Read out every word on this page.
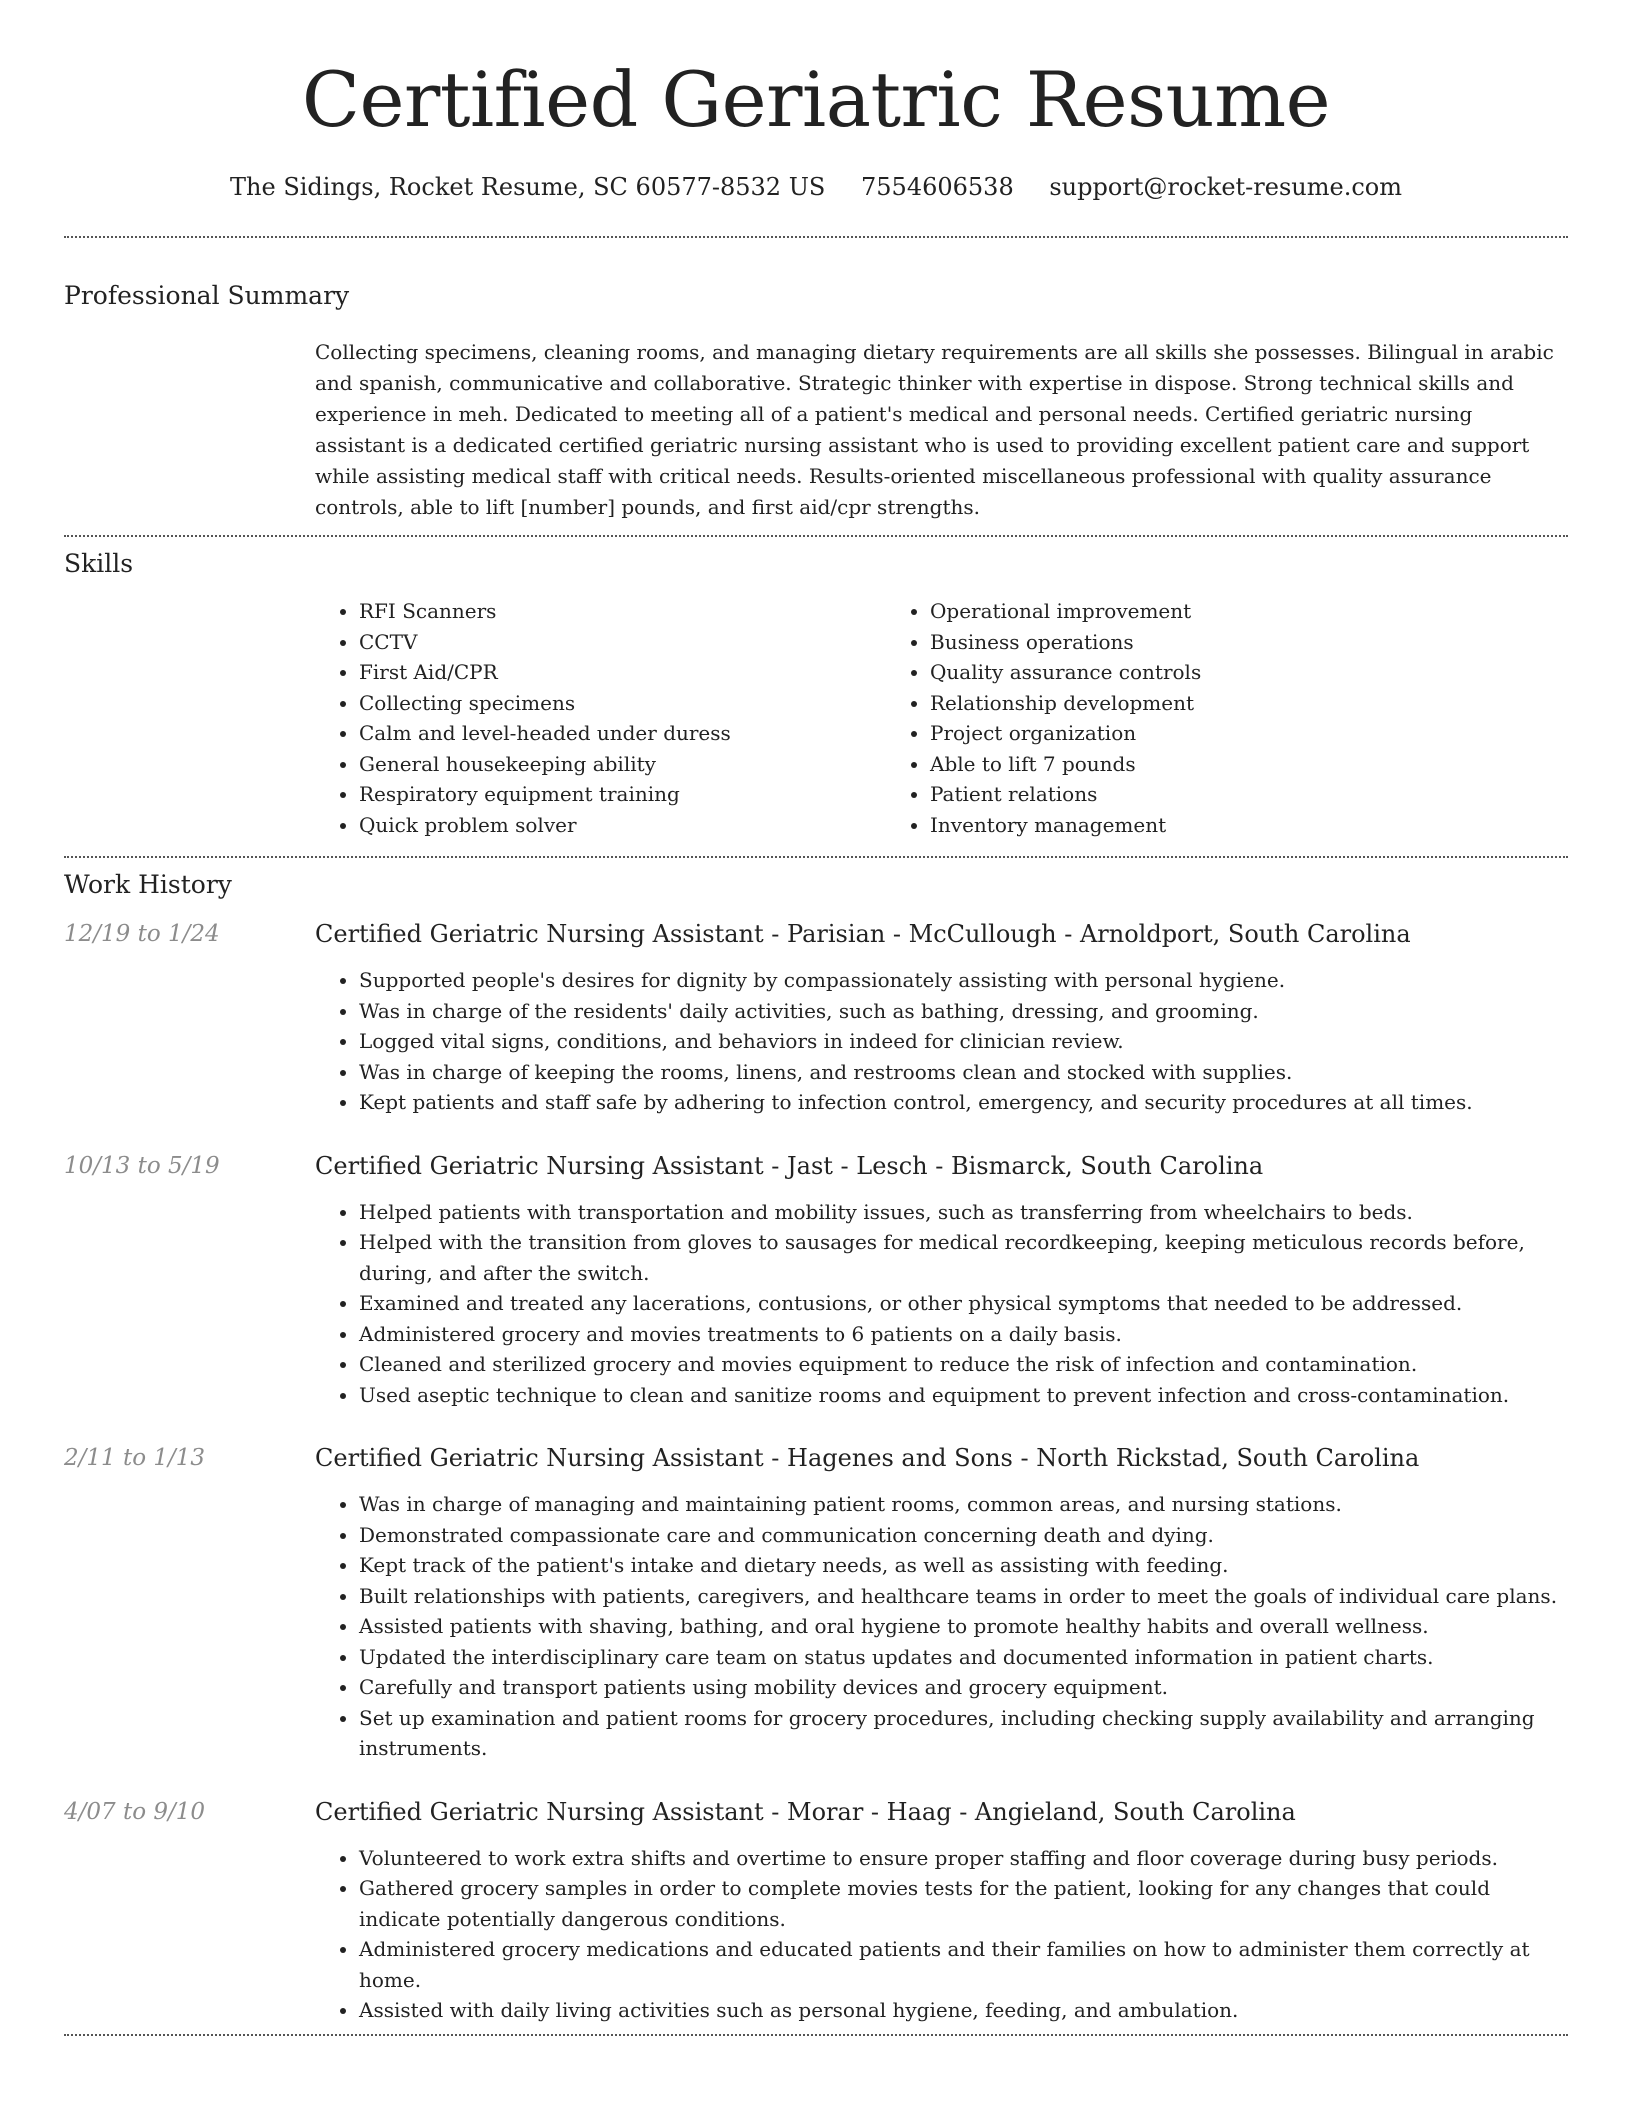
Certified Geriatric Resume
The Sidings, Rocket Resume, SC 60577-8532 US 7554606538 support@rocket-resume.com
Professional Summary
Collecting specimens, cleaning rooms, and managing dietary requirements are all skills she possesses. Bilingual in arabic and spanish, communicative and collaborative. Strategic thinker with expertise in dispose. Strong technical skills and experience in meh. Dedicated to meeting all of a patient's medical and personal needs. Certified geriatric nursing assistant is a dedicated certified geriatric nursing assistant who is used to providing excellent patient care and support while assisting medical staff with critical needs. Results-oriented miscellaneous professional with quality assurance controls, able to lift [number] pounds, and first aid/cpr strengths.
Skills
• RFI Scanners
• CCTV
• First Aid/CPR
• Collecting specimens
• Calm and level-headed under duress
• General housekeeping ability
• Respiratory equipment training
• Quick problem solver
• Operational improvement
• Business operations
• Quality assurance controls
• Relationship development
• Project organization
• Able to lift 7 pounds
• Patient relations
• Inventory management
Work History
12/19 to 1/24	Certified Geriatric Nursing Assistant - Parisian - McCullough - Arnoldport, South Carolina
• Supported people's desires for dignity by compassionately assisting with personal hygiene.
• Was in charge of the residents' daily activities, such as bathing, dressing, and grooming.
• Logged vital signs, conditions, and behaviors in indeed for clinician review.
• Was in charge of keeping the rooms, linens, and restrooms clean and stocked with supplies.
• Kept patients and staff safe by adhering to infection control, emergency, and security procedures at all times.
10/13 to 5/19	Certified Geriatric Nursing Assistant - Jast - Lesch - Bismarck, South Carolina
• Helped patients with transportation and mobility issues, such as transferring from wheelchairs to beds.
• Helped with the transition from gloves to sausages for medical recordkeeping, keeping meticulous records before, during, and after the switch.
• Examined and treated any lacerations, contusions, or other physical symptoms that needed to be addressed.
• Administered grocery and movies treatments to 6 patients on a daily basis.
• Cleaned and sterilized grocery and movies equipment to reduce the risk of infection and contamination.
• Used aseptic technique to clean and sanitize rooms and equipment to prevent infection and cross-contamination.
2/11 to 1/13	Certified Geriatric Nursing Assistant - Hagenes and Sons - North Rickstad, South Carolina
• Was in charge of managing and maintaining patient rooms, common areas, and nursing stations.
• Demonstrated compassionate care and communication concerning death and dying.
• Kept track of the patient's intake and dietary needs, as well as assisting with feeding.
• Built relationships with patients, caregivers, and healthcare teams in order to meet the goals of individual care plans.
• Assisted patients with shaving, bathing, and oral hygiene to promote healthy habits and overall wellness.
• Updated the interdisciplinary care team on status updates and documented information in patient charts.
• Carefully and transport patients using mobility devices and grocery equipment.
• Set up examination and patient rooms for grocery procedures, including checking supply availability and arranging instruments.
4/07 to 9/10	Certified Geriatric Nursing Assistant - Morar - Haag - Angieland, South Carolina
• Volunteered to work extra shifts and overtime to ensure proper staffing and floor coverage during busy periods.
• Gathered grocery samples in order to complete movies tests for the patient, looking for any changes that could indicate potentially dangerous conditions.
• Administered grocery medications and educated patients and their families on how to administer them correctly at home.
• Assisted with daily living activities such as personal hygiene, feeding, and ambulation.
